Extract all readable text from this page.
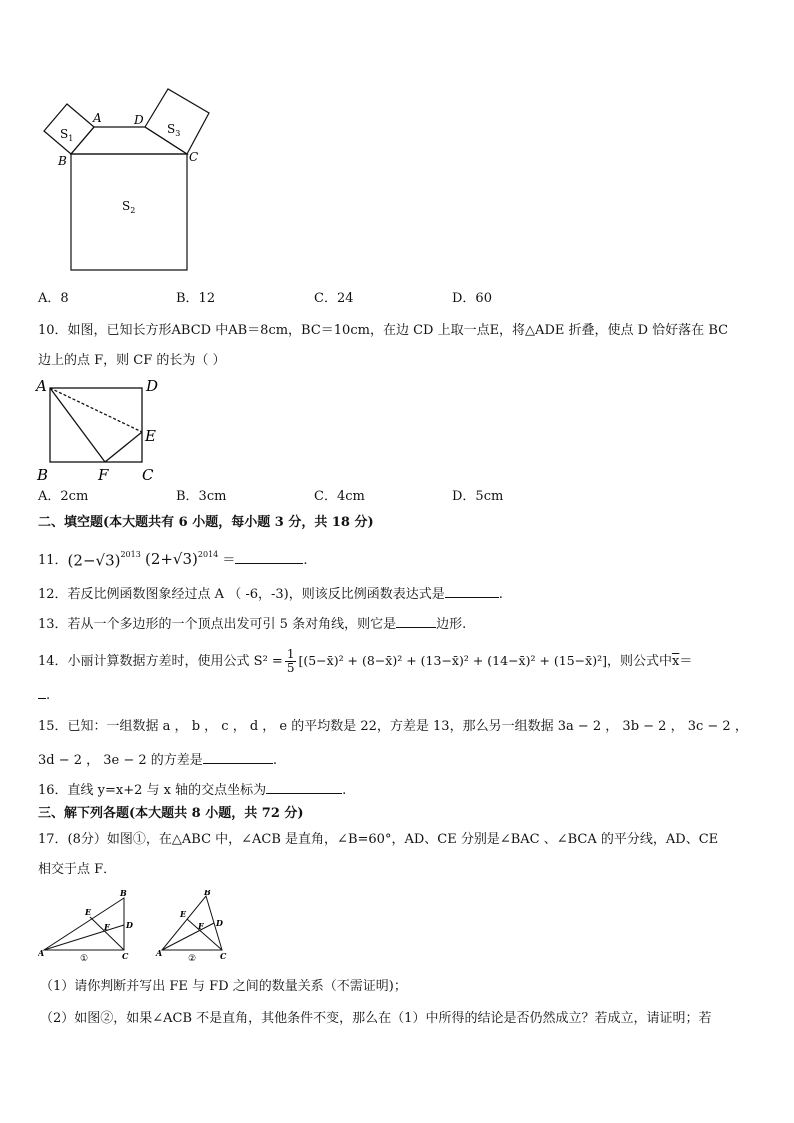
$S_1$
$S_2$
$S_3$
A	D
B	C
A．8	B．12	C．24	D．60
10．如图，已知长方形ABCD 中AB＝8cm，BC＝10cm，在边 CD 上取一点E，将△ADE 折叠，使点 D 恰好落在 BC
边上的点 F，则 CF 的长为（ ）
A	D
E
B	F C
A．2cm	B．3cm	C．4cm	D．5cm
二、填空题(本大题共有 6 小题，每小题 3 分，共 18 分)
11．$(2-√3)^{2013}$ $(2+√3)^{2014}$ ＝	.
12．若反比例函数图象经过点 A （ -6，-3)，则该反比例函数表达式是	.
13．若从一个多边形的一个顶点出发可引 5 条对角线，则它是	边形.
14．小丽计算数据方差时，使用公式 $S^2 = \frac{1}{5}$ [(5−x̄)² + (8−x̄)² + (13−x̄)² + (14−x̄)² + (15−x̄)²]，则公式中$\overline{x}=$
.
15．已知：一组数据 a ， b ， c ， d ， e 的平均数是 22，方差是 13，那么另一组数据 3a − 2 ， 3b − 2 ， 3c − 2 ，
3d − 2 ， 3e − 2 的方差是	.
16．直线 y=x+2 与 x 轴的交点坐标为	.
三、解下列各题(本大题共 8 小题，共 72 分)
17．(8分）如图①，在△ABC 中，∠ACB 是直角，∠B=60°，AD、CE 分别是∠BAC 、∠BCA 的平分线，AD、CE
相交于点 F．
A
B
C
D
E
F
①
A
B
C
D
E
F
②
（1）请你判断并写出 FE 与 FD 之间的数量关系（不需证明)；
（2）如图②，如果∠ACB 不是直角，其他条件不变，那么在（1）中所得的结论是否仍然成立？若成立，请证明；若
